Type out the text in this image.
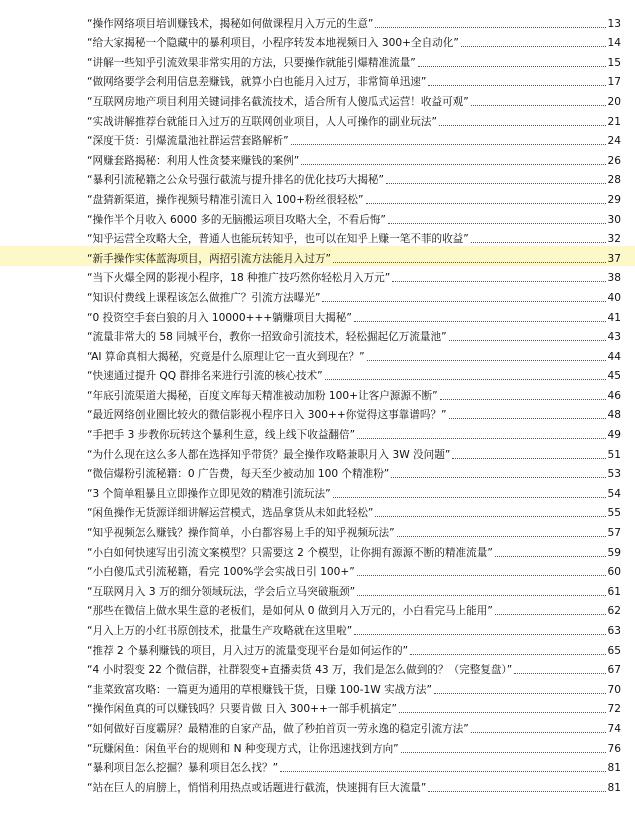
“操作网络项目培训赚钱术，揭秘如何做课程月入万元的生意”	13
“给大家揭秘一个隐藏中的暴利项目，小程序转发本地视频日入 300+全自动化”	14
“讲解一些知乎引流效果非常实用的方法，只要操作就能引爆精准流量”	15
“做网络要学会利用信息差赚钱，就算小白也能月入过万，非常简单迅速”	17
“互联网房地产项目利用关键词排名截流技术，适合所有人傻瓜式运营！收益可观”	20
“实战讲解推荐台就能日入过万的互联网创业项目，人人可操作的副业玩法”	21
“深度干货：引爆流量池社群运营套路解析”	24
“网赚套路揭秘：利用人性贪婪来赚钱的案例”	26
“暴利引流秘籍之公众号强行截流与提升排名的优化技巧大揭秘”	28
“盘猜新渠道，操作视频号精准引流日入 100+粉丝很轻松”	29
“操作半个月收入 6000 多的无脑搬运项目攻略大全，不看后悔”	30
“知乎运营全攻略大全，普通人也能玩转知乎，也可以在知乎上赚一笔不菲的收益”	32
“新手操作实体蓝海项目，两招引流方法能月入过万”	37
“当下火爆全网的影视小程序，18 种推广技巧然你轻松月入万元”	38
“知识付费线上课程该怎么做推广？引流方法曝光”	40
“0 投资空手套白狼的月入 10000+++躺赚项目大揭秘”	41
“流量非常大的 58 同城平台，教你一招致命引流技术，轻松掘起亿万流量池”	43
“AI 算命真相大揭秘，究竟是什么原理让它一直火到现在？”	44
“快速通过提升 QQ 群排名来进行引流的核心技术”	45
“年底引流渠道大揭秘，百度文库每天精准被动加粉 100+让客户源源不断”	46
“最近网络创业圈比较火的微信影视小程序日入 300++你觉得这事靠谱吗？”	48
“手把手 3 步教你玩转这个暴利生意，线上线下收益翻倍”	49
“为什么现在这么多人都在选择知乎带货？最全操作攻略兼职月入 3W 没问题”	51
“微信爆粉引流秘籍：0 广告费，每天至少被动加 100 个精准粉”	53
“3 个简单粗暴且立即操作立即见效的精准引流玩法”	54
“闲鱼操作无货源详细讲解运营模式，选品拿货从未如此轻松”	55
“知乎视频怎么赚钱？操作简单，小白都容易上手的知乎视频玩法”	57
“小白如何快速写出引流文案模型？只需要这 2 个模型，让你拥有源源不断的精准流量”	59
“小白傻瓜式引流秘籍，看完 100%学会实战日引 100+”	60
“互联网月入 3 万的细分领域玩法，学会后立马突破瓶颈”	61
“那些在微信上做水果生意的老板们，是如何从 0 做到月入万元的，小白看完马上能用”	62
“月入上万的小红书原创技术，批量生产攻略就在这里啦”	63
“推荐 2 个暴利赚钱的项目，月入过万的流量变现平台是如何运作的”	65
“4 小时裂变 22 个微信群，社群裂变+直播卖货 43 万，我们是怎么做到的？（完整复盘）”	67
“韭菜致富攻略：一篇更为通用的草根赚钱干货，日赚 100-1W 实战方法”	70
“操作闲鱼真的可以赚钱吗？只要肯做 日入 300++一部手机搞定”	72
“如何做好百度霸屏？最精准的自家产品，做了秒拍首页一劳永逸的稳定引流方法”	74
“玩赚闲鱼：闲鱼平台的规则和 N 种变现方式，让你迅速找到方向”	76
“暴利项目怎么挖掘？暴利项目怎么找？”	81
“站在巨人的肩膀上，悄悄利用热点或话题进行截流，快速拥有巨大流量”	81
